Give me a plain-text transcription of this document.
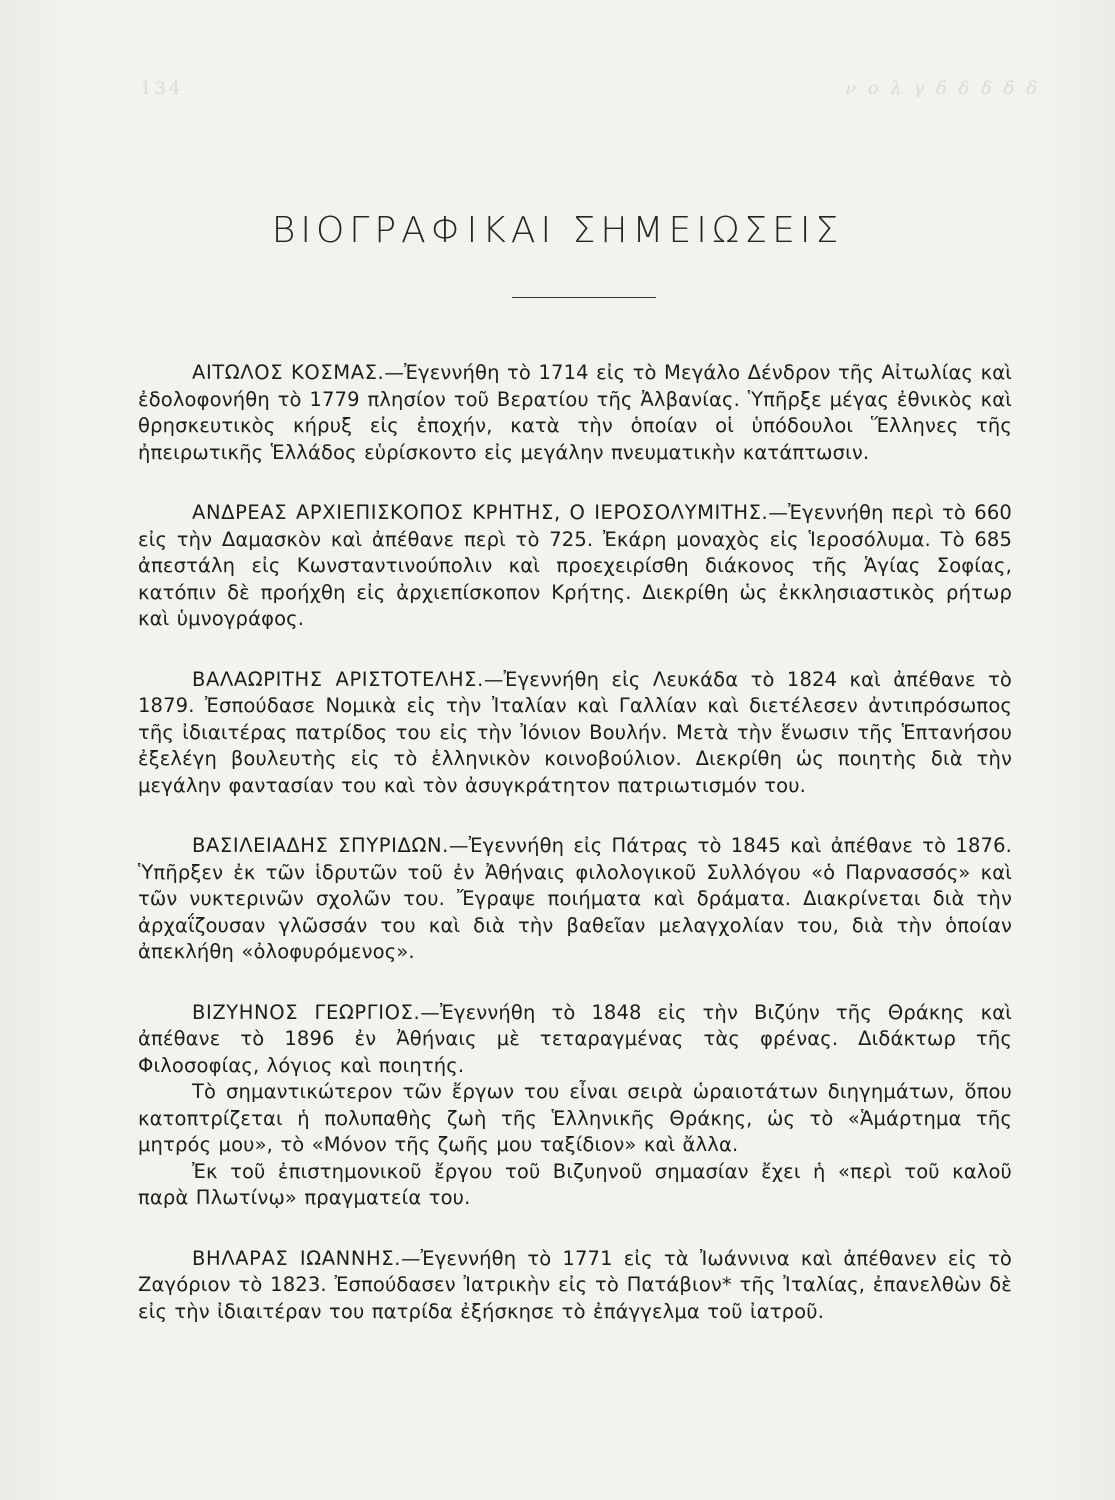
134	ν ο λ γ δ δ δ δ δ
ΒΙΟΓΡΑΦΙΚΑΙ ΣΗΜΕΙΩΣΕΙΣ

ΑΙΤΩΛΟΣ ΚΟΣΜΑΣ.—Ἐγεννήθη τὸ 1714 εἰς τὸ Μεγάλο Δένδρον τῆς Αἰτωλίας καὶ ἐδολοφονήθη τὸ 1779 πλησίον τοῦ Βερατίου τῆς Ἀλβανίας. Ὑπῆρξε μέγας ἐθνικὸς καὶ θρησκευτικὸς κήρυξ εἰς ἐποχήν, κατὰ τὴν ὁποίαν οἱ ὑπόδουλοι Ἕλληνες τῆς ἠπειρωτικῆς Ἑλλάδος εὑρίσκοντο εἰς μεγάλην πνευματικὴν κατάπτωσιν.

ΑΝΔΡΕΑΣ ΑΡΧΙΕΠΙΣΚΟΠΟΣ ΚΡΗΤΗΣ, Ο ΙΕΡΟΣΟΛΥΜΙΤΗΣ.—Ἐγεννήθη περὶ τὸ 660 εἰς τὴν Δαμασκὸν καὶ ἀπέθανε περὶ τὸ 725. Ἐκάρη μοναχὸς εἰς Ἱεροσόλυμα. Τὸ 685 ἀπεστάλη εἰς Κωνσταντινούπολιν καὶ προεχειρίσθη διάκονος τῆς Ἁγίας Σοφίας, κατόπιν δὲ προήχθη εἰς ἀρχιεπίσκοπον Κρήτης. Διεκρίθη ὡς ἐκκλησιαστικὸς ρήτωρ καὶ ὑμνογράφος.

ΒΑΛΑΩΡΙΤΗΣ ΑΡΙΣΤΟΤΕΛΗΣ.—Ἐγεννήθη εἰς Λευκάδα τὸ 1824 καὶ ἀπέθανε τὸ 1879. Ἐσπούδασε Νομικὰ εἰς τὴν Ἰταλίαν καὶ Γαλλίαν καὶ διετέλεσεν ἀντιπρόσωπος τῆς ἰδιαιτέρας πατρίδος του εἰς τὴν Ἰόνιον Βουλήν. Μετὰ τὴν ἕνωσιν τῆς Ἑπτανήσου ἐξελέγη βουλευτὴς εἰς τὸ ἑλληνικὸν κοινοβούλιον. Διεκρίθη ὡς ποιητὴς διὰ τὴν μεγάλην φαντασίαν του καὶ τὸν ἀσυγκράτητον πατριωτισμόν του.

ΒΑΣΙΛΕΙΑΔΗΣ ΣΠΥΡΙΔΩΝ.—Ἐγεννήθη εἰς Πάτρας τὸ 1845 καὶ ἀπέθανε τὸ 1876. Ὑπῆρξεν ἐκ τῶν ἱδρυτῶν τοῦ ἐν Ἀθήναις φιλολογικοῦ Συλλόγου «ὁ Παρνασσός» καὶ τῶν νυκτερινῶν σχολῶν του. Ἔγραψε ποιήματα καὶ δράματα. Διακρίνεται διὰ τὴν ἀρχαΐζουσαν γλῶσσάν του καὶ διὰ τὴν βαθεῖαν μελαγχολίαν του, διὰ τὴν ὁποίαν ἀπεκλήθη «ὀλοφυρόμενος».

ΒΙΖΥΗΝΟΣ ΓΕΩΡΓΙΟΣ.—Ἐγεννήθη τὸ 1848 εἰς τὴν Βιζύην τῆς Θράκης καὶ ἀπέθανε τὸ 1896 ἐν Ἀθήναις μὲ τεταραγμένας τὰς φρένας. Διδάκτωρ τῆς Φιλοσοφίας, λόγιος καὶ ποιητής.

Τὸ σημαντικώτερον τῶν ἔργων του εἶναι σειρὰ ὡραιοτάτων διηγημάτων, ὅπου κατοπτρίζεται ἡ πολυπαθὴς ζωὴ τῆς Ἑλληνικῆς Θράκης, ὡς τὸ «Ἁμάρτημα τῆς μητρός μου», τὸ «Μόνον τῆς ζωῆς μου ταξίδιον» καὶ ἄλλα.

Ἐκ τοῦ ἐπιστημονικοῦ ἔργου τοῦ Βιζυηνοῦ σημασίαν ἔχει ἡ «περὶ τοῦ καλοῦ παρὰ Πλωτίνῳ» πραγματεία του.

ΒΗΛΑΡΑΣ ΙΩΑΝΝΗΣ.—Ἐγεννήθη τὸ 1771 εἰς τὰ Ἰωάννινα καὶ ἀπέθανεν εἰς τὸ Ζαγόριον τὸ 1823. Ἐσπούδασεν Ἰατρικὴν εἰς τὸ Πατάβιον* τῆς Ἰταλίας, ἐπανελθὼν δὲ εἰς τὴν ἰδιαιτέραν του πατρίδα ἐξήσκησε τὸ ἐπάγγελμα τοῦ ἰατροῦ.
